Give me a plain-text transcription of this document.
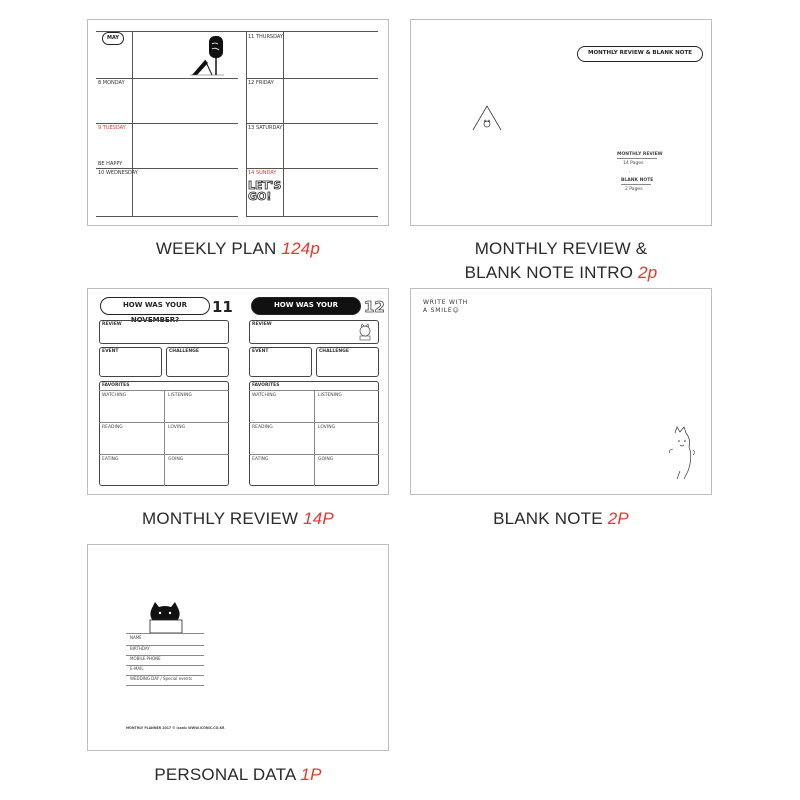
MAY
8 MONDAY
9 TUESDAY
BE HAPPY
10 WEDNESDAY
11 THURSDAY
12 FRIDAY
13 SATURDAY
14 SUNDAY
LET'S GO!
WEEKLY PLAN 124p
MONTHLY REVIEW & BLANK NOTE
MONTHLY REVIEW
14 Pages
·
BLANK NOTE
2 Pages
MONTHLY REVIEW &
BLANK NOTE INTRO 2p
HOW WAS YOUR NOVEMBER?
11
REVIEW
EVENT	CHALLENGE
FAVORITES
WATCHING	LISTENING
READING	LOVING
EATING	GOING
HOW WAS YOUR DECEMBER?
12
REVIEW
EVENT	CHALLENGE
FAVORITES
WATCHING	LISTENING
READING	LOVING
EATING	GOING
MONTHLY REVIEW 14P
WRITE WITH
A SMILE☺
BLANK NOTE 2P
NAME
BIRTHDAY
MOBILE PHONE
E-MAIL
WEDDING DAY / Special events
MONTHLY PLANNER 2017 © Iconic WWW.ICONIC.CO.KR
PERSONAL DATA 1P
